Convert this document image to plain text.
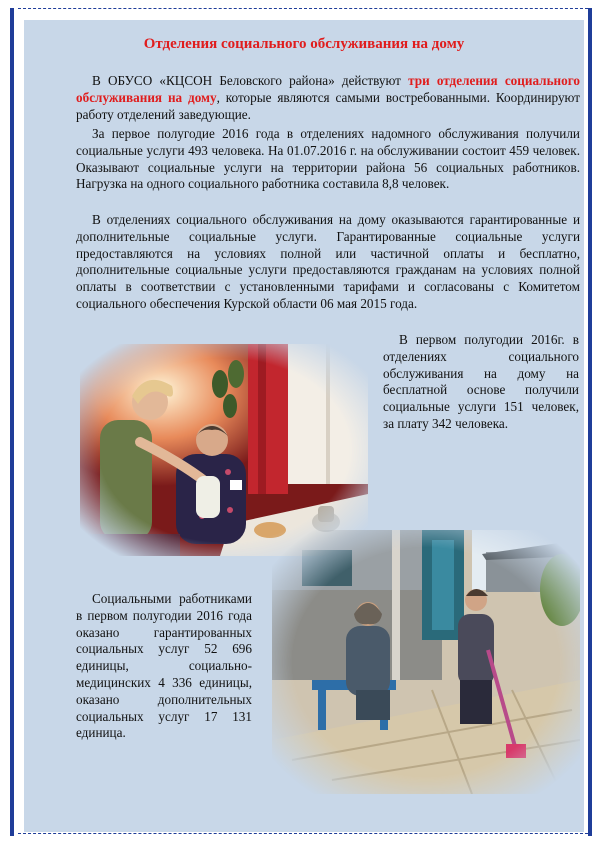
Отделения социального обслуживания на дому

В ОБУСО «КЦСОН Беловского района» действуют три отделения социального обслуживания на дому, которые являются самыми востребованными. Координируют работу отделений заведующие.

За первое полугодие 2016 года в отделениях надомного обслуживания получили социальные услуги 493 человека. На 01.07.2016 г. на обслуживании состоит 459 человек. Оказывают социальные услуги на территории района 56 социальных работников. Нагрузка на одного социального работника составила 8,8 человек.

В отделениях социального обслуживания на дому оказываются гарантированные и дополнительные социальные услуги. Гарантированные социальные услуги предоставляются на условиях полной или частичной оплаты и бесплатно, дополнительные социальные услуги предоставляются гражданам на условиях полной оплаты в соответствии с установленными тарифами и согласованы с Комитетом социального обеспечения Курской области 06 мая 2015 года.

В первом полугодии 2016г. в отделениях социального обслуживания на дому на бесплатной основе получили социальные услуги 151 человек, за плату 342 человека.

Социальными работниками в первом полугодии 2016 года оказано гарантированных социальных услуг 52 696 единицы, социально-медицинских 4 336 единицы, оказано дополнительных социальных услуг 17 131 единица.
